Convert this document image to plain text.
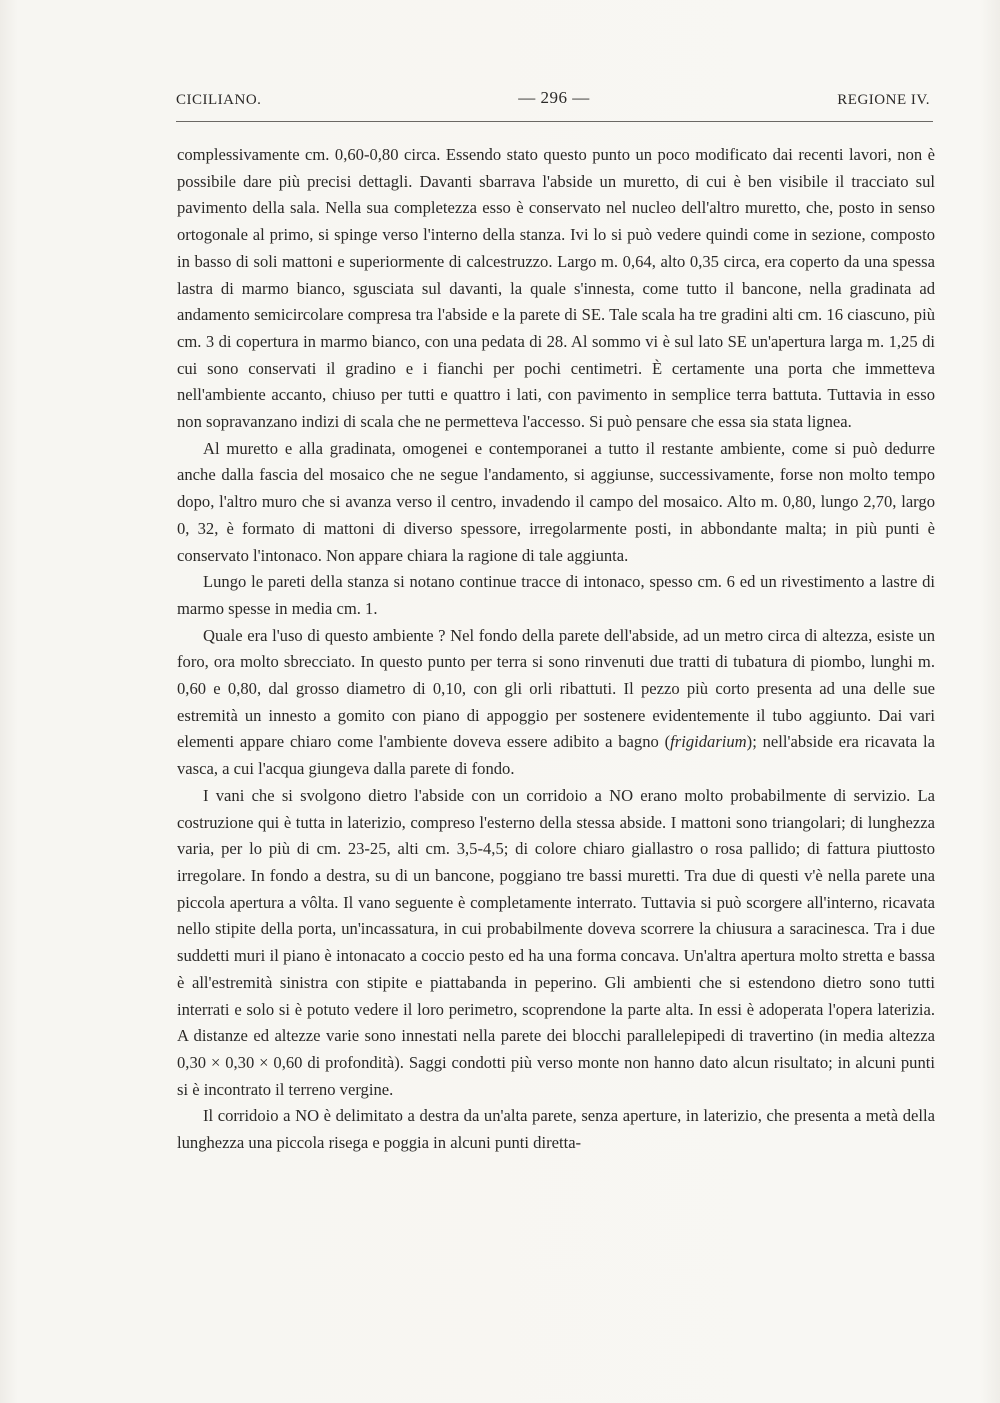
CICILIANO.	— 296 —	REGIONE IV.

complessivamente cm. 0,60-0,80 circa. Essendo stato questo punto un poco modificato dai recenti lavori, non è possibile dare più precisi dettagli. Davanti sbarrava l'abside un muretto, di cui è ben visibile il tracciato sul pavimento della sala. Nella sua completezza esso è conservato nel nucleo dell'altro muretto, che, posto in senso ortogonale al primo, si spinge verso l'interno della stanza. Ivi lo si può vedere quindi come in sezione, composto in basso di soli mattoni e superiormente di calcestruzzo. Largo m. 0,64, alto 0,35 circa, era coperto da una spessa lastra di marmo bianco, sgusciata sul davanti, la quale s'innesta, come tutto il bancone, nella gradinata ad andamento semicircolare compresa tra l'abside e la parete di SE. Tale scala ha tre gradini alti cm. 16 ciascuno, più cm. 3 di copertura in marmo bianco, con una pedata di 28. Al sommo vi è sul lato SE un'apertura larga m. 1,25 di cui sono conservati il gradino e i fianchi per pochi centimetri. È certamente una porta che immetteva nell'ambiente accanto, chiuso per tutti e quattro i lati, con pavimento in semplice terra battuta. Tuttavia in esso non sopravanzano indizi di scala che ne permetteva l'accesso. Si può pensare che essa sia stata lignea.

Al muretto e alla gradinata, omogenei e contemporanei a tutto il restante ambiente, come si può dedurre anche dalla fascia del mosaico che ne segue l'andamento, si aggiunse, successivamente, forse non molto tempo dopo, l'altro muro che si avanza verso il centro, invadendo il campo del mosaico. Alto m. 0,80, lungo 2,70, largo 0, 32, è formato di mattoni di diverso spessore, irregolarmente posti, in abbondante malta; in più punti è conservato l'intonaco. Non appare chiara la ragione di tale aggiunta.

Lungo le pareti della stanza si notano continue tracce di intonaco, spesso cm. 6 ed un rivestimento a lastre di marmo spesse in media cm. 1.

Quale era l'uso di questo ambiente ? Nel fondo della parete dell'abside, ad un metro circa di altezza, esiste un foro, ora molto sbrecciato. In questo punto per terra si sono rinvenuti due tratti di tubatura di piombo, lunghi m. 0,60 e 0,80, dal grosso diametro di 0,10, con gli orli ribattuti. Il pezzo più corto presenta ad una delle sue estremità un innesto a gomito con piano di appoggio per sostenere evidentemente il tubo aggiunto. Dai vari elementi appare chiaro come l'ambiente doveva essere adibito a bagno (frigidarium); nell'abside era ricavata la vasca, a cui l'acqua giungeva dalla parete di fondo.

I vani che si svolgono dietro l'abside con un corridoio a NO erano molto probabilmente di servizio. La costruzione qui è tutta in laterizio, compreso l'esterno della stessa abside. I mattoni sono triangolari; di lunghezza varia, per lo più di cm. 23-25, alti cm. 3,5-4,5; di colore chiaro giallastro o rosa pallido; di fattura piuttosto irregolare. In fondo a destra, su di un bancone, poggiano tre bassi muretti. Tra due di questi v'è nella parete una piccola apertura a vôlta. Il vano seguente è completamente interrato. Tuttavia si può scorgere all'interno, ricavata nello stipite della porta, un'incassatura, in cui probabilmente doveva scorrere la chiusura a saracinesca. Tra i due suddetti muri il piano è intonacato a coccio pesto ed ha una forma concava. Un'altra apertura molto stretta e bassa è all'estremità sinistra con stipite e piattabanda in peperino. Gli ambienti che si estendono dietro sono tutti interrati e solo si è potuto vedere il loro perimetro, scoprendone la parte alta. In essi è adoperata l'opera laterizia. A distanze ed altezze varie sono innestati nella parete dei blocchi parallelepipedi di travertino (in media altezza 0,30 × 0,30 × 0,60 di profondità). Saggi condotti più verso monte non hanno dato alcun risultato; in alcuni punti si è incontrato il terreno vergine.

Il corridoio a NO è delimitato a destra da un'alta parete, senza aperture, in laterizio, che presenta a metà della lunghezza una piccola risega e poggia in alcuni punti diretta-
